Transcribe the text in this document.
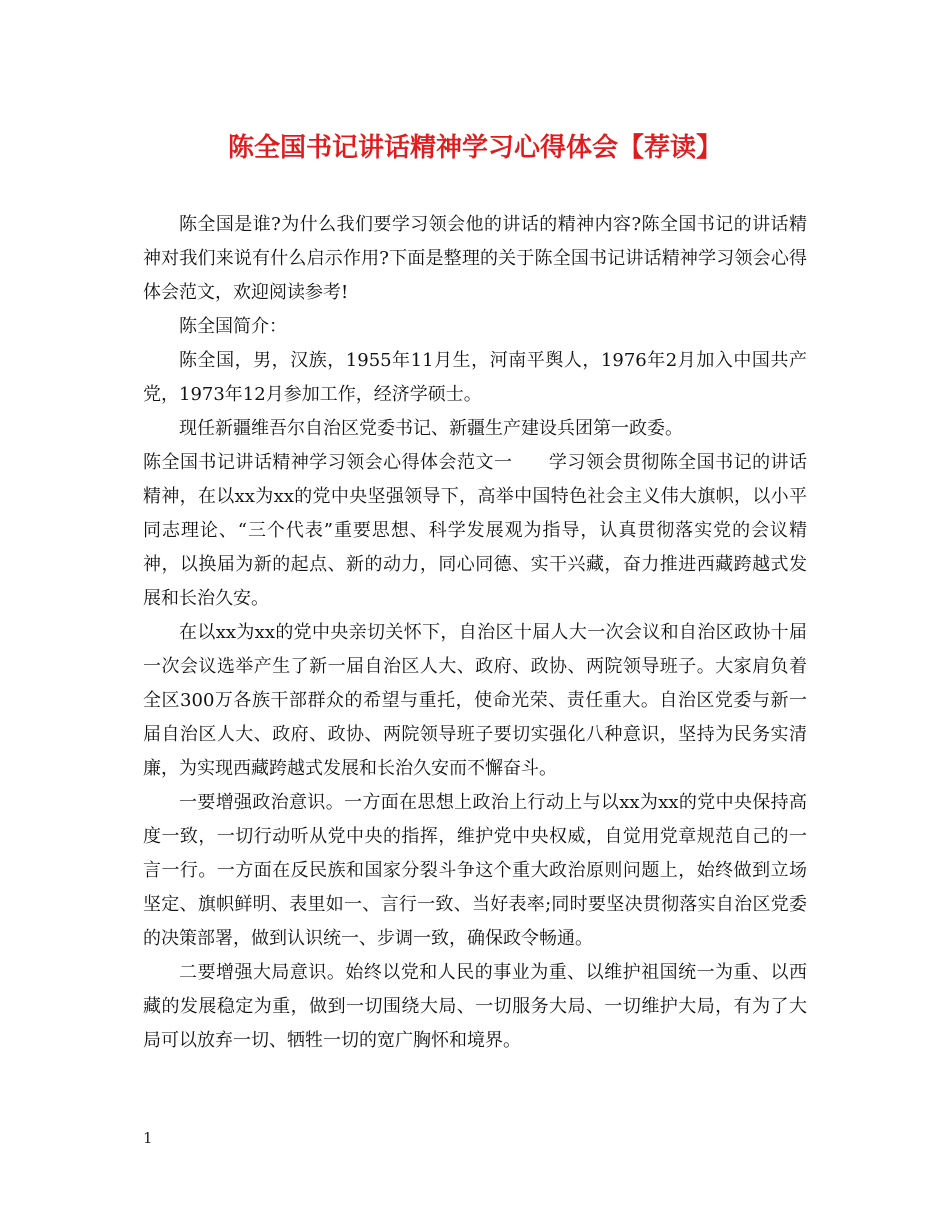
陈全国书记讲话精神学习心得体会【荐读】

陈全国是谁?为什么我们要学习领会他的讲话的精神内容?陈全国书记的讲话精神对我们来说有什么启示作用?下面是整理的关于陈全国书记讲话精神学习领会心得体会范文，欢迎阅读参考!

陈全国简介：

陈全国，男，汉族，1955年11月生，河南平舆人，1976年2月加入中国共产党，1973年12月参加工作，经济学硕士。

现任新疆维吾尔自治区党委书记、新疆生产建设兵团第一政委。

陈全国书记讲话精神学习领会心得体会范文一 学习领会贯彻陈全国书记的讲话精神，在以xx为xx的党中央坚强领导下，高举中国特色社会主义伟大旗帜，以小平同志理论、“三个代表”重要思想、科学发展观为指导，认真贯彻落实党的会议精神，以换届为新的起点、新的动力，同心同德、实干兴藏，奋力推进西藏跨越式发展和长治久安。

在以xx为xx的党中央亲切关怀下，自治区十届人大一次会议和自治区政协十届一次会议选举产生了新一届自治区人大、政府、政协、两院领导班子。大家肩负着全区300万各族干部群众的希望与重托，使命光荣、责任重大。自治区党委与新一届自治区人大、政府、政协、两院领导班子要切实强化八种意识，坚持为民务实清廉，为实现西藏跨越式发展和长治久安而不懈奋斗。

一要增强政治意识。一方面在思想上政治上行动上与以xx为xx的党中央保持高度一致，一切行动听从党中央的指挥，维护党中央权威，自觉用党章规范自己的一言一行。一方面在反民族和国家分裂斗争这个重大政治原则问题上，始终做到立场坚定、旗帜鲜明、表里如一、言行一致、当好表率;同时要坚决贯彻落实自治区党委的决策部署，做到认识统一、步调一致，确保政令畅通。

二要增强大局意识。始终以党和人民的事业为重、以维护祖国统一为重、以西藏的发展稳定为重，做到一切围绕大局、一切服务大局、一切维护大局，有为了大局可以放弃一切、牺牲一切的宽广胸怀和境界。

1
